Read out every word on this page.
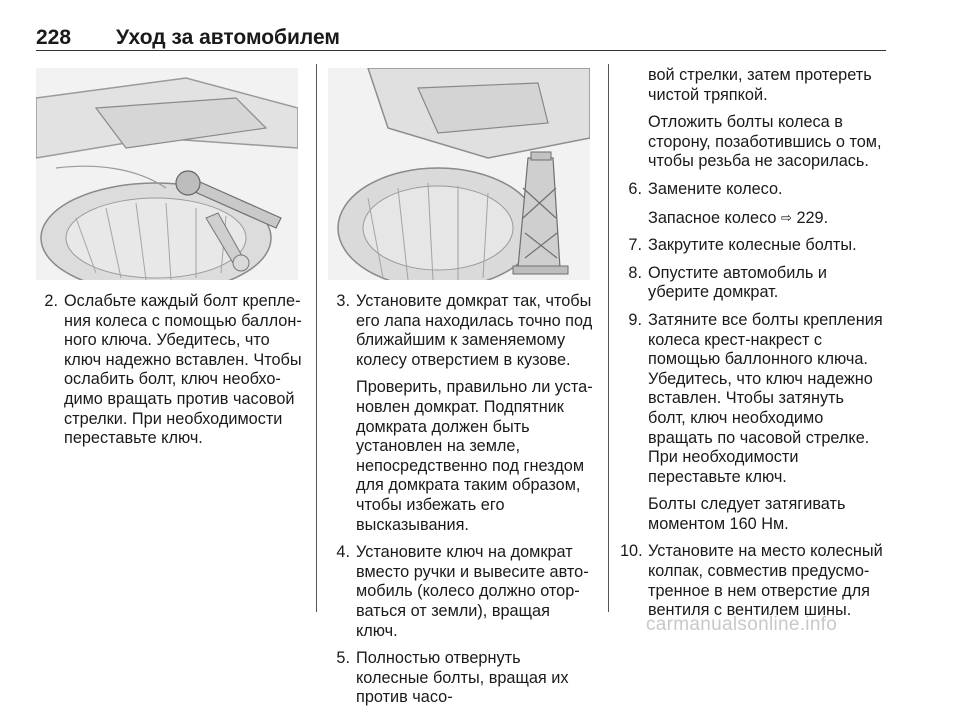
228 Уход за автомобилем
2. Ослабьте каждый болт крепления колеса с помощью баллонного ключа. Убедитесь, что ключ надежно вставлен. Чтобы ослабить болт, ключ необходимо вращать против часовой стрелки. При необходимости переставьте ключ.
3. Установите домкрат так, чтобы его лапа находилась точно под ближайшим к заменяемому колесу отверстием в кузове.
Проверить, правильно ли установлен домкрат. Подпятник домкрата должен быть установлен на земле, непосредственно под гнездом для домкрата таким образом, чтобы избежать его высказывания.
4. Установите ключ на домкрат вместо ручки и вывесите автомобиль (колесо должно оторваться от земли), вращая ключ.
5. Полностью отвернуть колесные болты, вращая их против часо-
вой стрелки, затем протереть чистой тряпкой.
Отложить болты колеса в сторону, позаботившись о том, чтобы резьба не засорилась.
6. Замените колесо.
Запасное колесо ⇨ 229.
7. Закрутите колесные болты.
8. Опустите автомобиль и уберите домкрат.
9. Затяните все болты крепления колеса крест-накрест с помощью баллонного ключа. Убедитесь, что ключ надежно вставлен. Чтобы затянуть болт, ключ необходимо вращать по часовой стрелке. При необходимости переставьте ключ.
Болты следует затягивать моментом 160 Нм.
10. Установите на место колесный колпак, совместив предусмотренное в нем отверстие для вентиля с вентилем шины.
carmanualsonline.info
